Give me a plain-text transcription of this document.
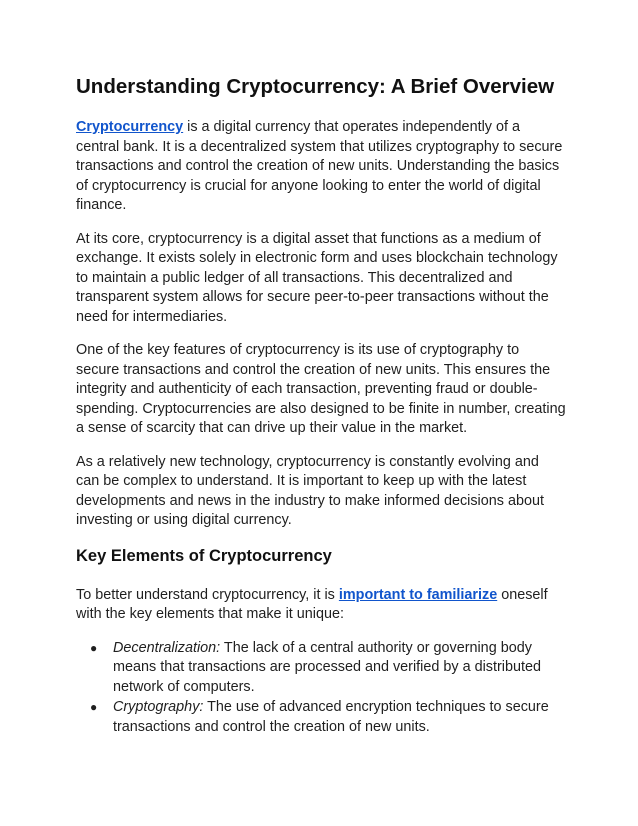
Understanding Cryptocurrency: A Brief Overview

Cryptocurrency is a digital currency that operates independently of a central bank. It is a decentralized system that utilizes cryptography to secure transactions and control the creation of new units. Understanding the basics of cryptocurrency is crucial for anyone looking to enter the world of digital finance.

At its core, cryptocurrency is a digital asset that functions as a medium of exchange. It exists solely in electronic form and uses blockchain technology to maintain a public ledger of all transactions. This decentralized and transparent system allows for secure peer-to-peer transactions without the need for intermediaries.

One of the key features of cryptocurrency is its use of cryptography to secure transactions and control the creation of new units. This ensures the integrity and authenticity of each transaction, preventing fraud or double-spending. Cryptocurrencies are also designed to be finite in number, creating a sense of scarcity that can drive up their value in the market.

As a relatively new technology, cryptocurrency is constantly evolving and can be complex to understand. It is important to keep up with the latest developments and news in the industry to make informed decisions about investing or using digital currency.

Key Elements of Cryptocurrency

To better understand cryptocurrency, it is important to familiarize oneself with the key elements that make it unique:

● Decentralization: The lack of a central authority or governing body means that transactions are processed and verified by a distributed network of computers.
● Cryptography: The use of advanced encryption techniques to secure transactions and control the creation of new units.
